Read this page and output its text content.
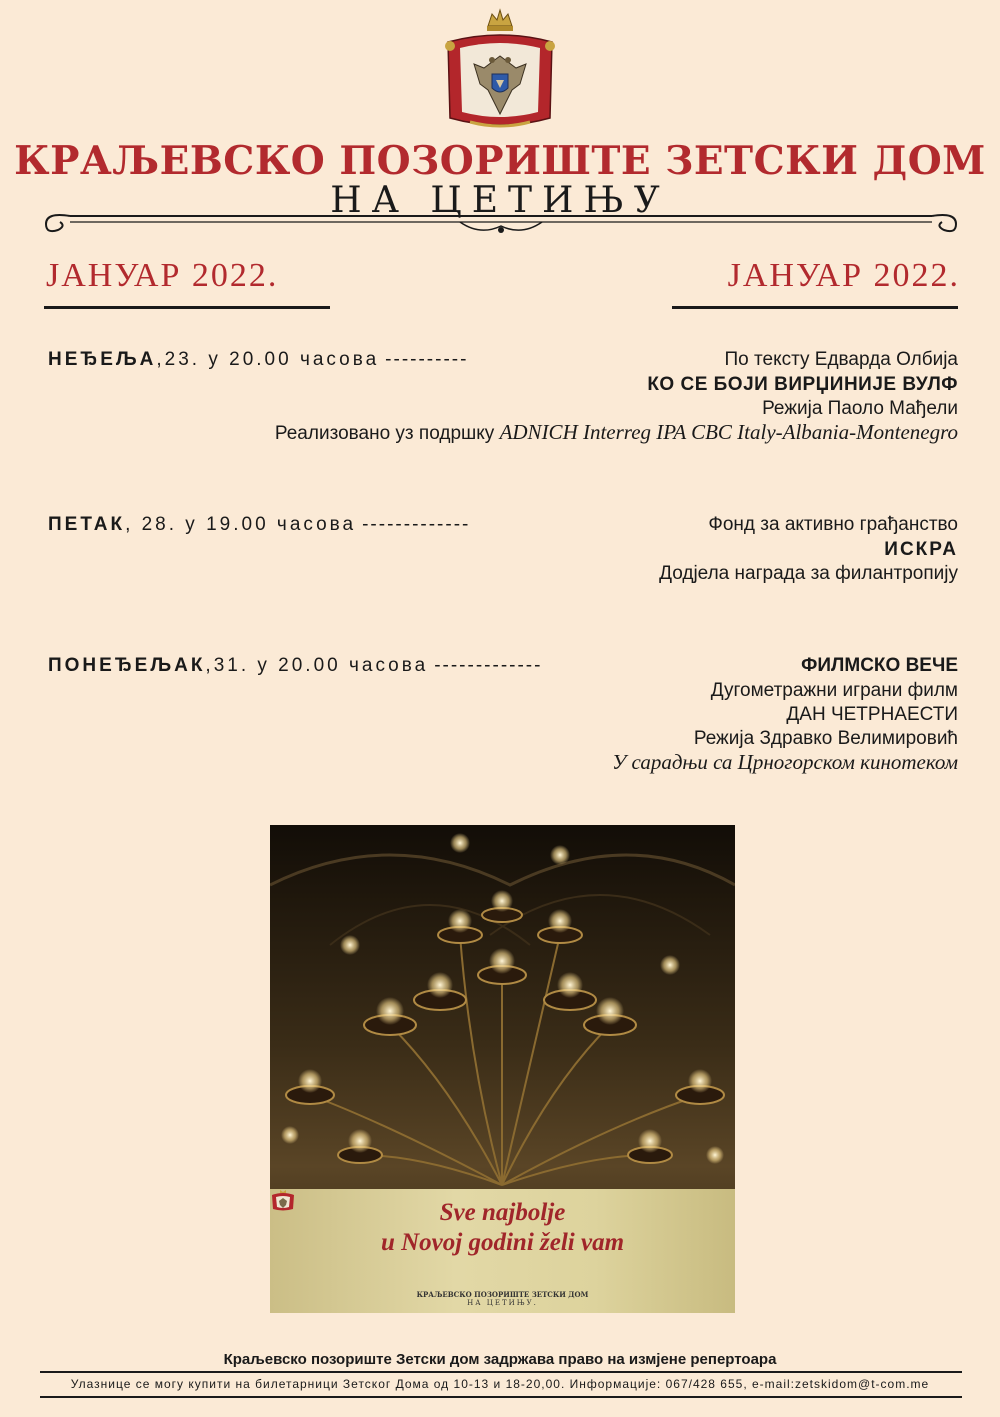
КРАЉЕВСКО ПОЗОРИШТЕ ЗЕТСКИ ДОМ
НА ЦЕТИЊУ
ЈАНУАР 2022.	ЈАНУАР 2022.
НЕЂЕЉА ,23. у 20.00 часова ----------	По тексту Едварда Олбија
КО СЕ БОЈИ ВИРЏИНИЈЕ ВУЛФ
Режија Паоло Мађели
Реализовано уз подршку ADNICH Interreg IPA CBC Italy-Albania-Montenegro
ПЕТАК , 28. у 19.00 часова -------------	Фонд за активно грађанство
ИСКРА
Додјела награда за филантропију
ПОНЕЂЕЉАК ,31. у 20.00 часова -------------	ФИЛМСКО ВЕЧЕ
Дугометражни играни филм
ДАН ЧЕТРНАЕСТИ
Режија Здравко Велимировић
У сарадњи са Црногорском кинотеком
Sve najbolje
u Novoj godini želi vam
КРАЉЕВСКО ПОЗОРИШТЕ ЗЕТСКИ ДОМ
НА ЦЕТИЊУ.
Краљевско позориште Зетски дом задржава право на измјене репертоара
Улазнице се могу купити на билетарници Зетског Дома од 10-13 и 18-20,00. Информације: 067/428 655, e-mail:zetskidom@t-com.me
